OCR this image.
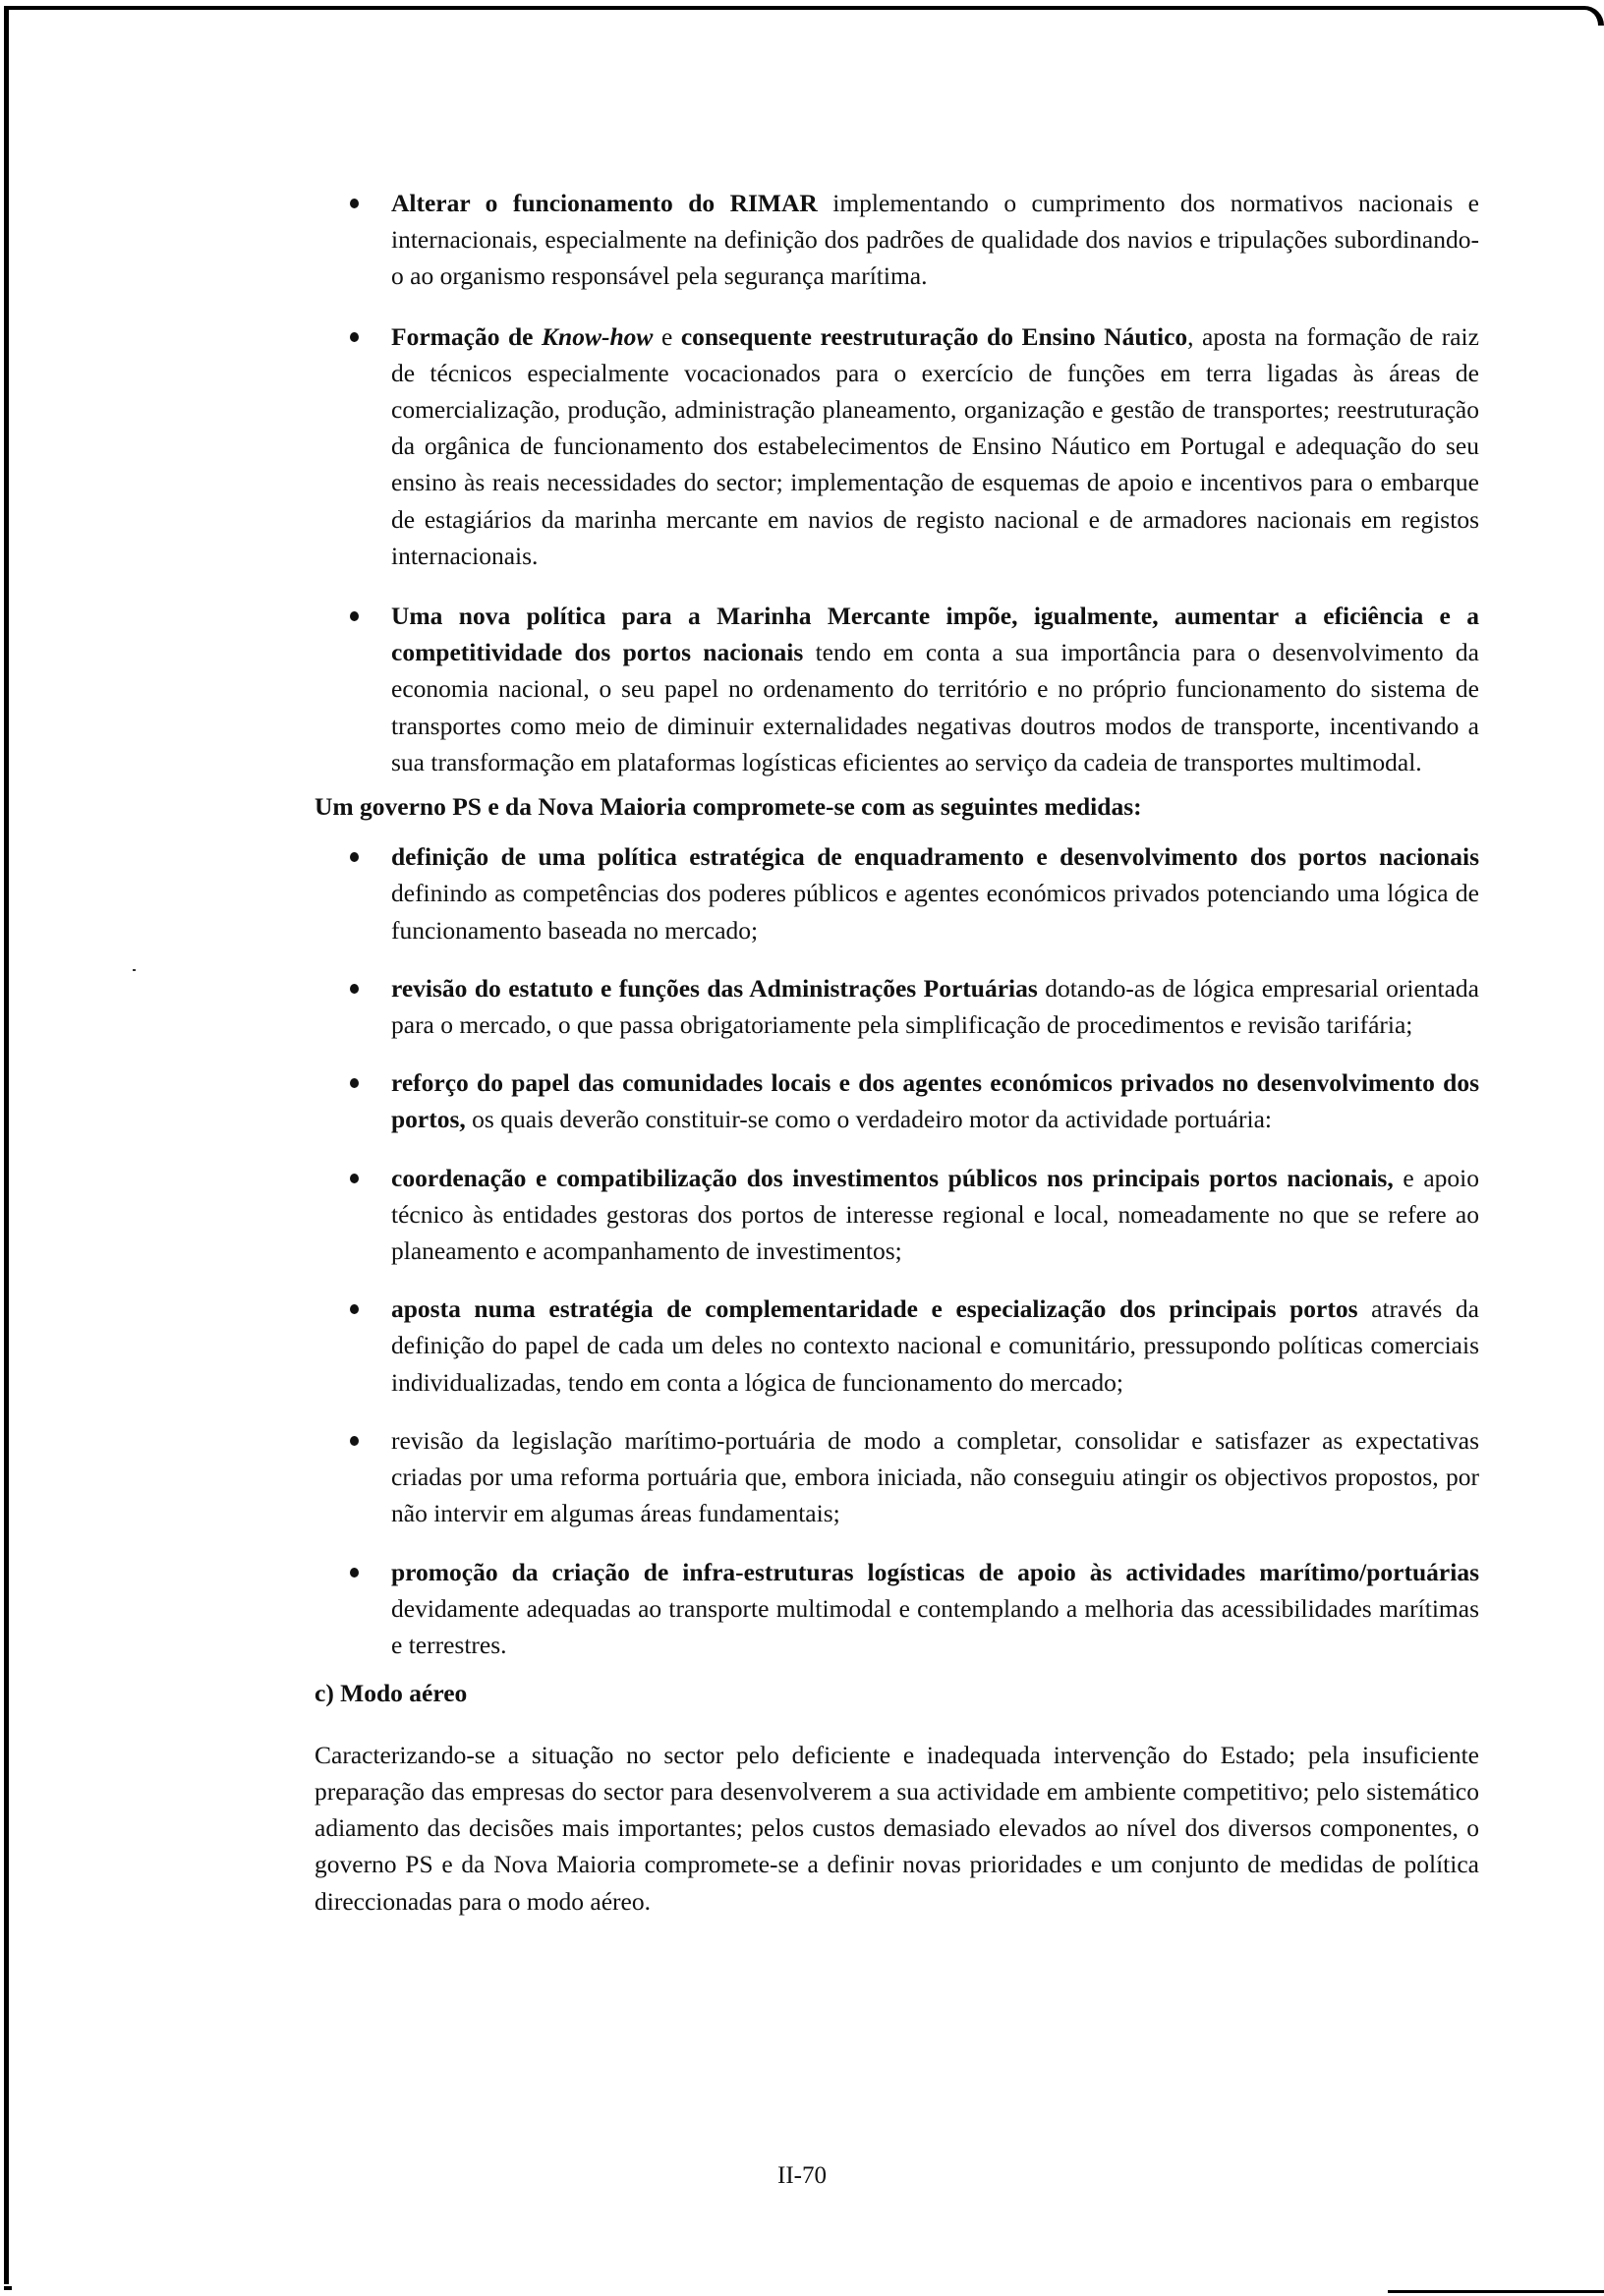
Alterar o funcionamento do RIMAR implementando o cumprimento dos normativos nacionais e internacionais, especialmente na definição dos padrões de qualidade dos navios e tripulações subordinando-o ao organismo responsável pela segurança marítima.
Formação de Know-how e consequente reestruturação do Ensino Náutico, aposta na formação de raiz de técnicos especialmente vocacionados para o exercício de funções em terra ligadas às áreas de comercialização, produção, administração planeamento, organização e gestão de transportes; reestruturação da orgânica de funcionamento dos estabelecimentos de Ensino Náutico em Portugal e adequação do seu ensino às reais necessidades do sector; implementação de esquemas de apoio e incentivos para o embarque de estagiários da marinha mercante em navios de registo nacional e de armadores nacionais em registos internacionais.
Uma nova política para a Marinha Mercante impõe, igualmente, aumentar a eficiência e a competitividade dos portos nacionais tendo em conta a sua importância para o desenvolvimento da economia nacional, o seu papel no ordenamento do território e no próprio funcionamento do sistema de transportes como meio de diminuir externalidades negativas doutros modos de transporte, incentivando a sua transformação em plataformas logísticas eficientes ao serviço da cadeia de transportes multimodal.

Um governo PS e da Nova Maioria compromete-se com as seguintes medidas:

definição de uma política estratégica de enquadramento e desenvolvimento dos portos nacionais definindo as competências dos poderes públicos e agentes económicos privados potenciando uma lógica de funcionamento baseada no mercado;
revisão do estatuto e funções das Administrações Portuárias dotando-as de lógica empresarial orientada para o mercado, o que passa obrigatoriamente pela simplificação de procedimentos e revisão tarifária;
reforço do papel das comunidades locais e dos agentes económicos privados no desenvolvimento dos portos, os quais deverão constituir-se como o verdadeiro motor da actividade portuária:
coordenação e compatibilização dos investimentos públicos nos principais portos nacionais, e apoio técnico às entidades gestoras dos portos de interesse regional e local, nomeadamente no que se refere ao planeamento e acompanhamento de investimentos;
aposta numa estratégia de complementaridade e especialização dos principais portos através da definição do papel de cada um deles no contexto nacional e comunitário, pressupondo políticas comerciais individualizadas, tendo em conta a lógica de funcionamento do mercado;
revisão da legislação marítimo-portuária de modo a completar, consolidar e satisfazer as expectativas criadas por uma reforma portuária que, embora iniciada, não conseguiu atingir os objectivos propostos, por não intervir em algumas áreas fundamentais;
promoção da criação de infra-estruturas logísticas de apoio às actividades marítimo/portuárias devidamente adequadas ao transporte multimodal e contemplando a melhoria das acessibilidades marítimas e terrestres.

c) Modo aéreo

Caracterizando-se a situação no sector pelo deficiente e inadequada intervenção do Estado; pela insuficiente preparação das empresas do sector para desenvolverem a sua actividade em ambiente competitivo; pelo sistemático adiamento das decisões mais importantes; pelos custos demasiado elevados ao nível dos diversos componentes, o governo PS e da Nova Maioria compromete-se a definir novas prioridades e um conjunto de medidas de política direccionadas para o modo aéreo.

II-70
